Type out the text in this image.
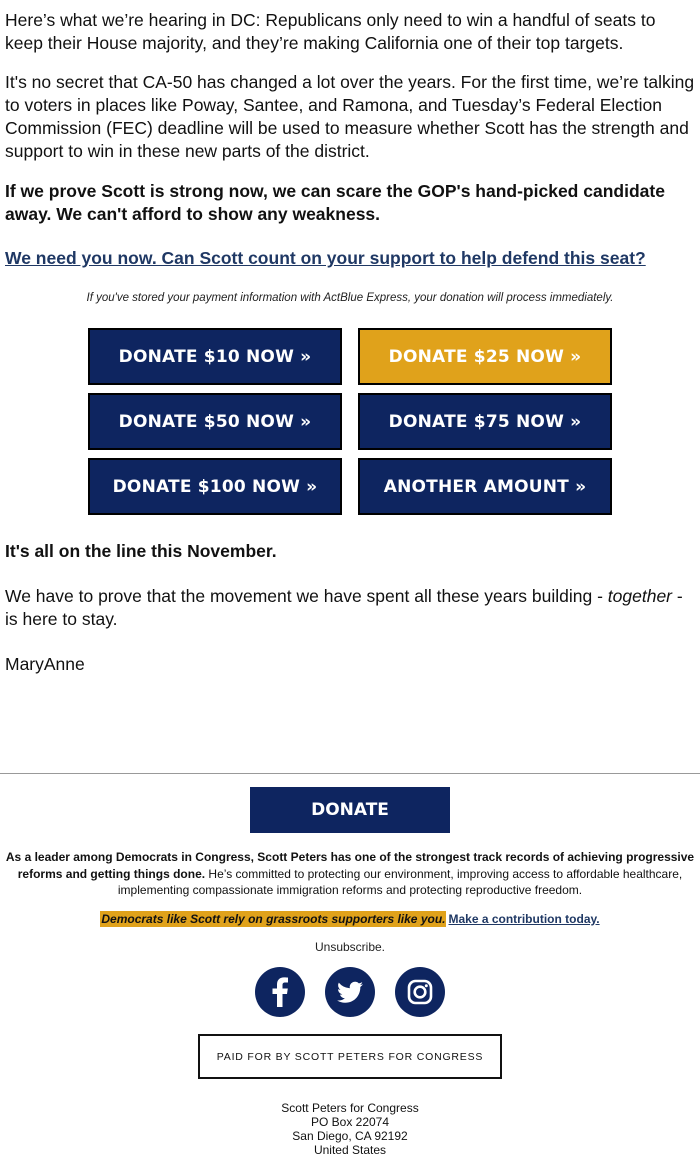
Here’s what we’re hearing in DC: Republicans only need to win a handful of seats to keep their House majority, and they’re making California one of their top targets.
It's no secret that CA-50 has changed a lot over the years. For the first time, we’re talking to voters in places like Poway, Santee, and Ramona, and Tuesday’s Federal Election Commission (FEC) deadline will be used to measure whether Scott has the strength and support to win in these new parts of the district.
If we prove Scott is strong now, we can scare the GOP's hand-picked candidate away. We can't afford to show any weakness.
We need you now. Can Scott count on your support to help defend this seat?
If you've stored your payment information with ActBlue Express, your donation will process immediately.
DONATE $10 NOW »	DONATE $25 NOW »
DONATE $50 NOW »	DONATE $75 NOW »
DONATE $100 NOW »	ANOTHER AMOUNT »
It's all on the line this November.
We have to prove that the movement we have spent all these years building - together - is here to stay.
MaryAnne
DONATE
As a leader among Democrats in Congress, Scott Peters has one of the strongest track records of achieving progressive reforms and getting things done. He’s committed to protecting our environment, improving access to affordable healthcare, implementing compassionate immigration reforms and protecting reproductive freedom.
Democrats like Scott rely on grassroots supporters like you. Make a contribution today.
Unsubscribe.
PAID FOR BY SCOTT PETERS FOR CONGRESS
Scott Peters for Congress
PO Box 22074
San Diego, CA 92192
United States
